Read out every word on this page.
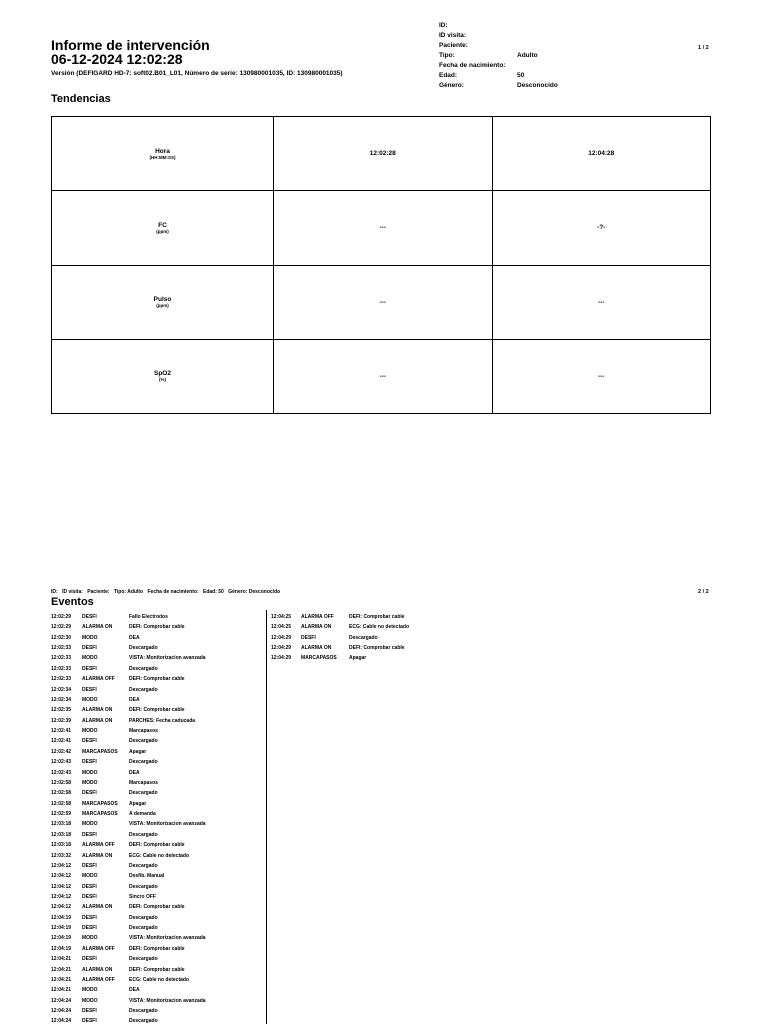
Informe de intervención
06-12-2024 12:02:28
Versión (DEFIGARD HD-7: soft02.B01_L01, Número de serie: 130980001035, ID: 130980001035)
1 / 2
ID:
ID visita:
Paciente:
Tipo:	Adulto
Fecha de nacimiento:
Edad:	50
Género:	Desconocido
Tendencias
Hora
(HH:MM:SS)	12:02:28	12:04:28

FC
(ppm)	---	-?-

Pulso
(ppm)	---	---

SpO2
(%)	---	---
ID: ID visita: Paciente: Tipo: Adulto Fecha de nacimiento: Edad: 50 Género: Desconocido	2 / 2
Eventos
12:02:29 DESFI	Fallo Electrodos
12:02:29 ALARMA ON	DEFI: Comprobar cable
12:02:30 MODO	DEA
12:02:33 DESFI	Descargado
12:02:33 MODO	VISTA: Monitorizacion avanzada
12:02:33 DESFI	Descargado
12:02:33 ALARMA OFF	DEFI: Comprobar cable
12:02:34 DESFI	Descargado
12:02:34 MODO	DEA
12:02:35 ALARMA ON	DEFI: Comprobar cable
12:02:39 ALARMA ON	PARCHES: Fecha caducada
12:02:41 MODO	Marcapasos
12:02:41 DESFI	Descargado
12:02:42 MARCAPASOS Apagar
12:02:43 DESFI	Descargado
12:02:43 MODO	DEA
12:02:58 MODO	Marcapasos
12:02:58 DESFI	Descargado
12:02:58 MARCAPASOS Apagar
12:02:59 MARCAPASOS A demanda
12:03:18 MODO	VISTA: Monitorizacion avanzada
12:03:18 DESFI	Descargado
12:03:18 ALARMA OFF	DEFI: Comprobar cable
12:03:32 ALARMA ON	ECG: Cable no detectado
12:04:12 DESFI	Descargado
12:04:12 MODO	Desfib. Manual
12:04:12 DESFI	Descargado
12:04:12 DESFI	Sincro OFF
12:04:12 ALARMA ON	DEFI: Comprobar cable
12:04:19 DESFI	Descargado
12:04:19 DESFI	Descargado
12:04:19 MODO	VISTA: Monitorizacion avanzada
12:04:19 ALARMA OFF	DEFI: Comprobar cable
12:04:21 DESFI	Descargado
12:04:21 ALARMA ON	DEFI: Comprobar cable
12:04:21 ALARMA OFF	ECG: Cable no detectado
12:04:21 MODO	DEA
12:04:24 MODO	VISTA: Monitorizacion avanzada
12:04:24 DESFI	Descargado
12:04:24 DESFI	Descargado
12:04:25 ALARMA OFF	DEFI: Comprobar cable
12:04:25 ALARMA ON	ECG: Cable no detectado
12:04:29 DESFI	Descargado
12:04:29 ALARMA ON	DEFI: Comprobar cable
12:04:29 MARCAPASOS Apagar
